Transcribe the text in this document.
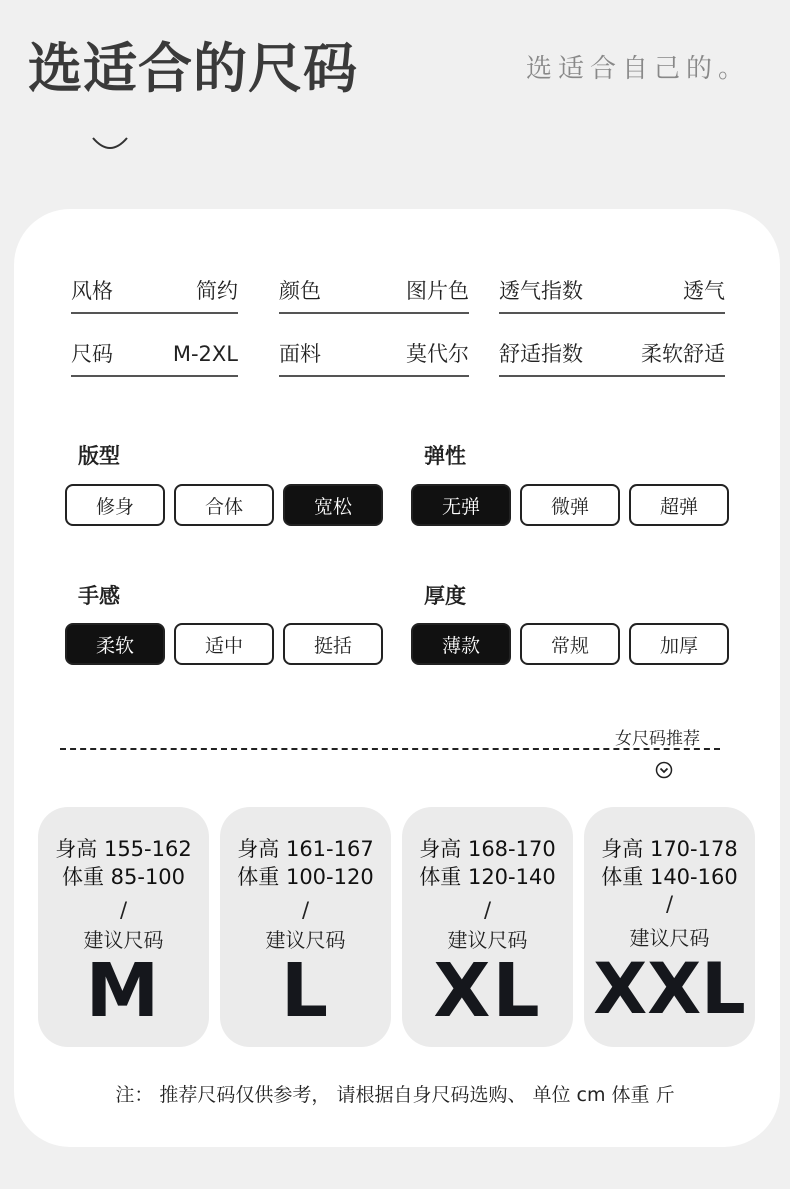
选适合的尺码	选适合自己的。
风格	简约 颜色	图片色 透气指数	透气
尺码	M-2XL 面料	莫代尔 舒适指数	柔软舒适
版型
修身	合体	宽松
弹性
无弹	微弹	超弹
手感
柔软	适中	挺括
厚度
薄款	常规	加厚
女尺码推荐
身高 155-162
体重 85-100
/
建议尺码
M
身高 161-167
体重 100-120
/
建议尺码
L
身高 168-170
体重 120-140
/
建议尺码
XL
身高 170-178
体重 140-160
/
建议尺码
XXL
注： 推荐尺码仅供参考， 请根据自身尺码选购、 单位 cm 体重 斤
